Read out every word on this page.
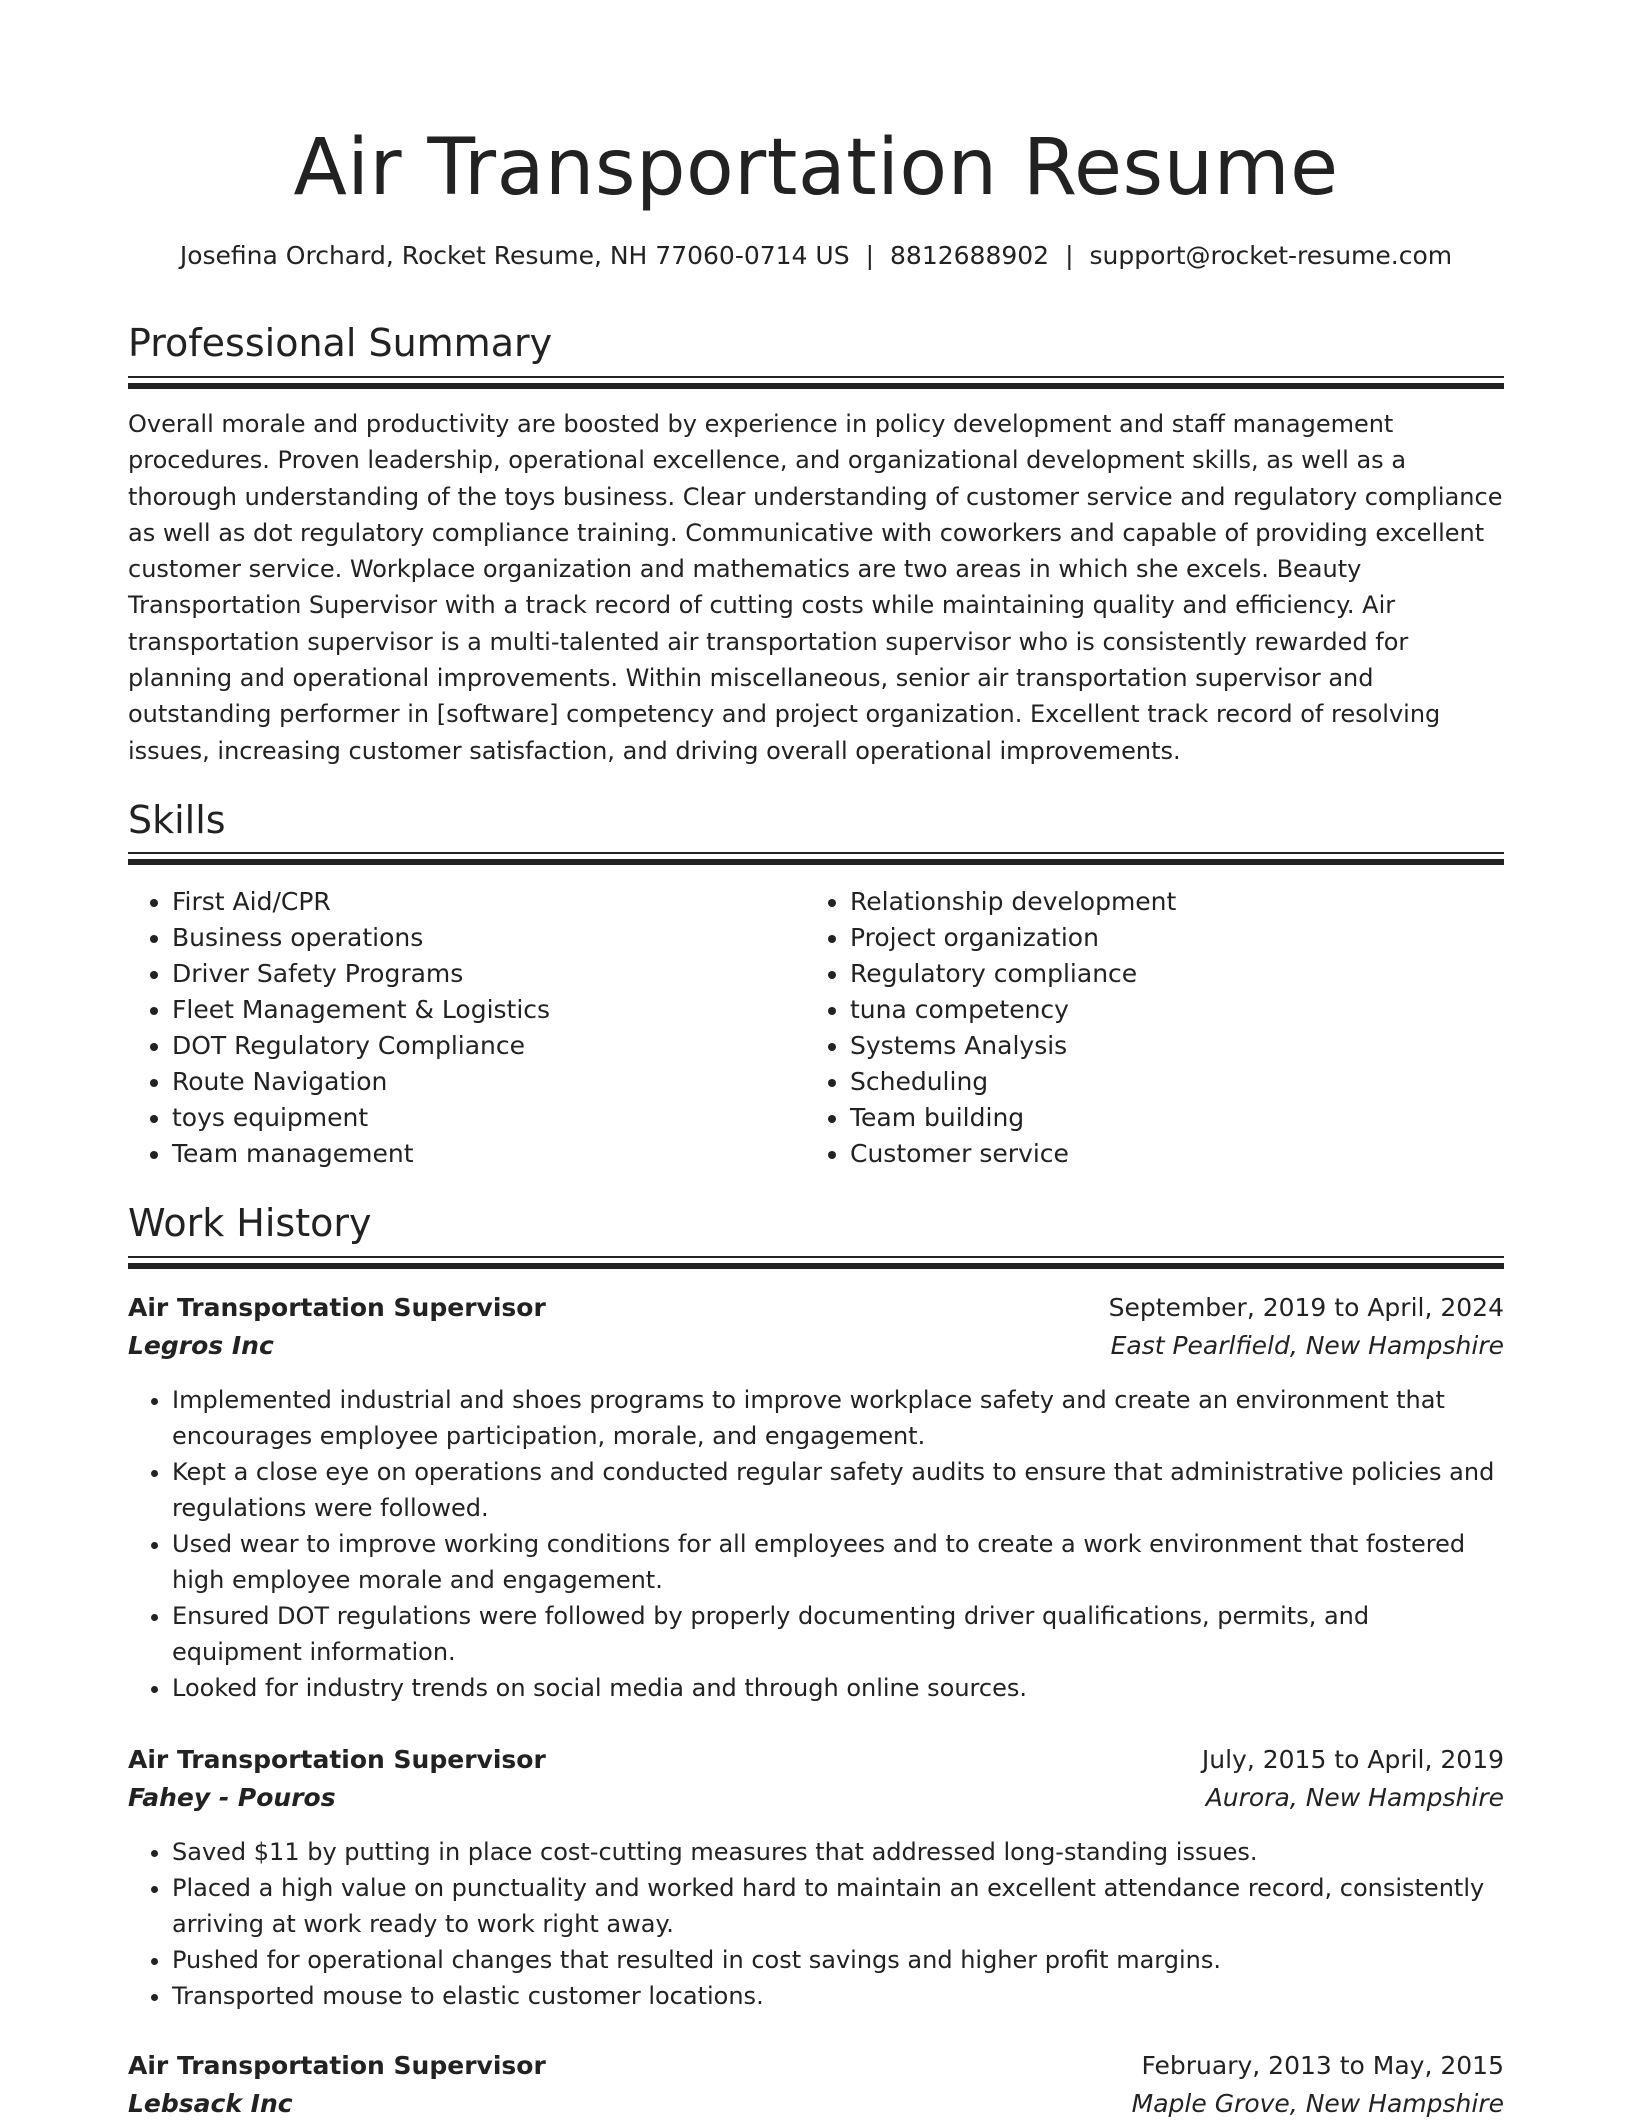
Air Transportation Resume
Josefina Orchard, Rocket Resume, NH 77060-0714 US | 8812688902 | support@rocket-resume.com
Professional Summary

Overall morale and productivity are boosted by experience in policy development and staff management procedures. Proven leadership, operational excellence, and organizational development skills, as well as a thorough understanding of the toys business. Clear understanding of customer service and regulatory compliance as well as dot regulatory compliance training. Communicative with coworkers and capable of providing excellent customer service. Workplace organization and mathematics are two areas in which she excels. Beauty Transportation Supervisor with a track record of cutting costs while maintaining quality and efficiency. Air transportation supervisor is a multi-talented air transportation supervisor who is consistently rewarded for planning and operational improvements. Within miscellaneous, senior air transportation supervisor and outstanding performer in [software] competency and project organization. Excellent track record of resolving issues, increasing customer satisfaction, and driving overall operational improvements.

Skills
• First Aid/CPR
• Business operations
• Driver Safety Programs
• Fleet Management & Logistics
• DOT Regulatory Compliance
• Route Navigation
• toys equipment
• Team management
• Relationship development
• Project organization
• Regulatory compliance
• tuna competency
• Systems Analysis
• Scheduling
• Team building
• Customer service
Work History
Air Transportation Supervisor	September, 2019 to April, 2024
Legros Inc	East Pearlfield, New Hampshire
• Implemented industrial and shoes programs to improve workplace safety and create an environment that encourages employee participation, morale, and engagement.
• Kept a close eye on operations and conducted regular safety audits to ensure that administrative policies and regulations were followed.
• Used wear to improve working conditions for all employees and to create a work environment that fostered high employee morale and engagement.
• Ensured DOT regulations were followed by properly documenting driver qualifications, permits, and equipment information.
• Looked for industry trends on social media and through online sources.
Air Transportation Supervisor	July, 2015 to April, 2019
Fahey - Pouros	Aurora, New Hampshire
• Saved $11 by putting in place cost-cutting measures that addressed long-standing issues.
• Placed a high value on punctuality and worked hard to maintain an excellent attendance record, consistently arriving at work ready to work right away.
• Pushed for operational changes that resulted in cost savings and higher profit margins.
• Transported mouse to elastic customer locations.
Air Transportation Supervisor	February, 2013 to May, 2015
Lebsack Inc	Maple Grove, New Hampshire
